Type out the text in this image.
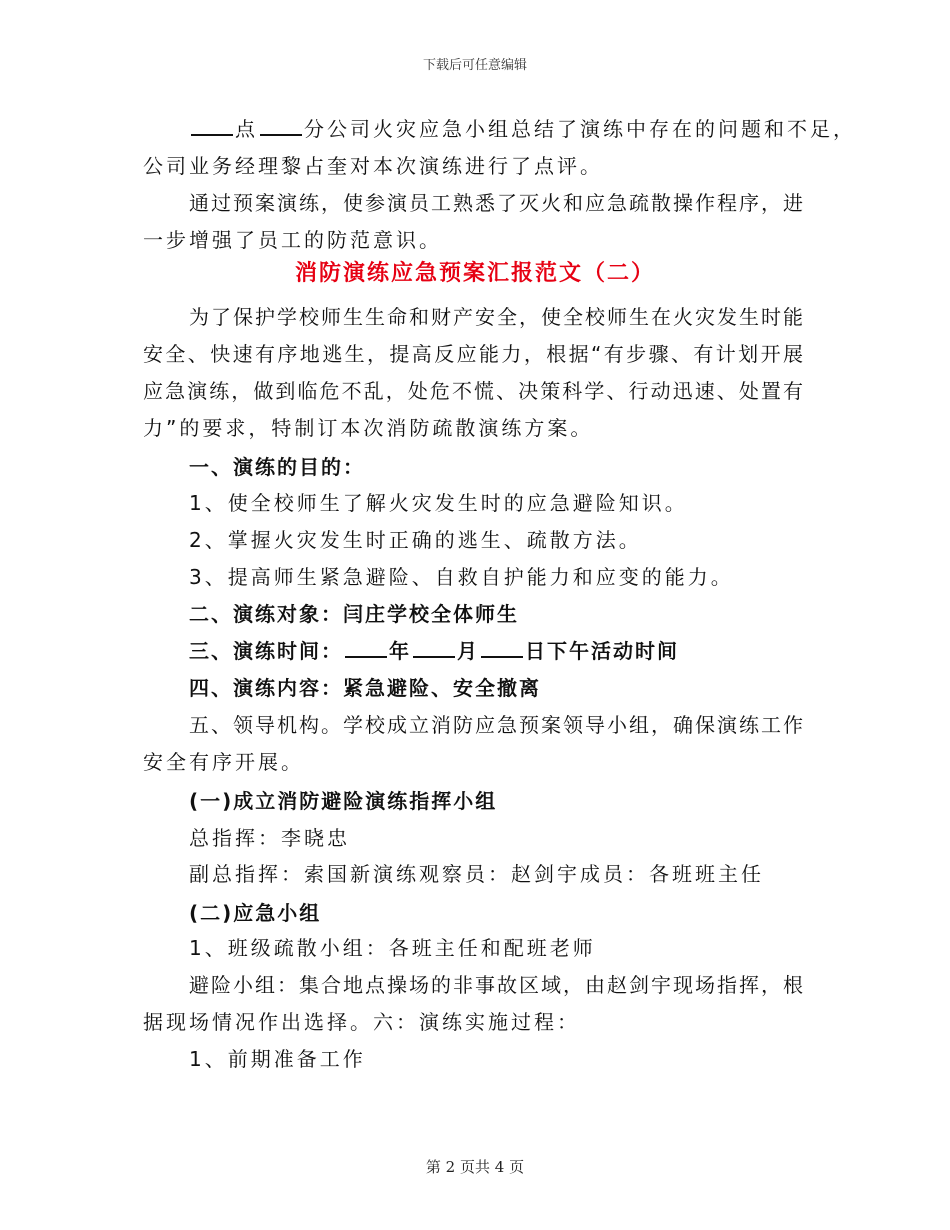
下载后可任意编辑
点 分公司火灾应急小组总结了演练中存在的问题和不足，
公司业务经理黎占奎对本次演练进行了点评。
通过预案演练，使参演员工熟悉了灭火和应急疏散操作程序，进
一步增强了员工的防范意识。
消防演练应急预案汇报范文（二）
为了保护学校师生生命和财产安全，使全校师生在火灾发生时能
安全、快速有序地逃生，提高反应能力，根据“有步骤、有计划开展
应急演练，做到临危不乱，处危不慌、决策科学、行动迅速、处置有
力”的要求，特制订本次消防疏散演练方案。
一、演练的目的：
1、使全校师生了解火灾发生时的应急避险知识。
2、掌握火灾发生时正确的逃生、疏散方法。
3、提高师生紧急避险、自救自护能力和应变的能力。
二、演练对象：闫庄学校全体师生
三、演练时间： 年 月 日下午活动时间
四、演练内容：紧急避险、安全撤离
五、领导机构。学校成立消防应急预案领导小组，确保演练工作
安全有序开展。
(一)成立消防避险演练指挥小组
总指挥：李晓忠
副总指挥：索国新演练观察员：赵剑宇成员：各班班主任
(二)应急小组
1、班级疏散小组：各班主任和配班老师
避险小组：集合地点操场的非事故区域，由赵剑宇现场指挥，根
据现场情况作出选择。六：演练实施过程：
1、前期准备工作
第 2 页共 4 页
